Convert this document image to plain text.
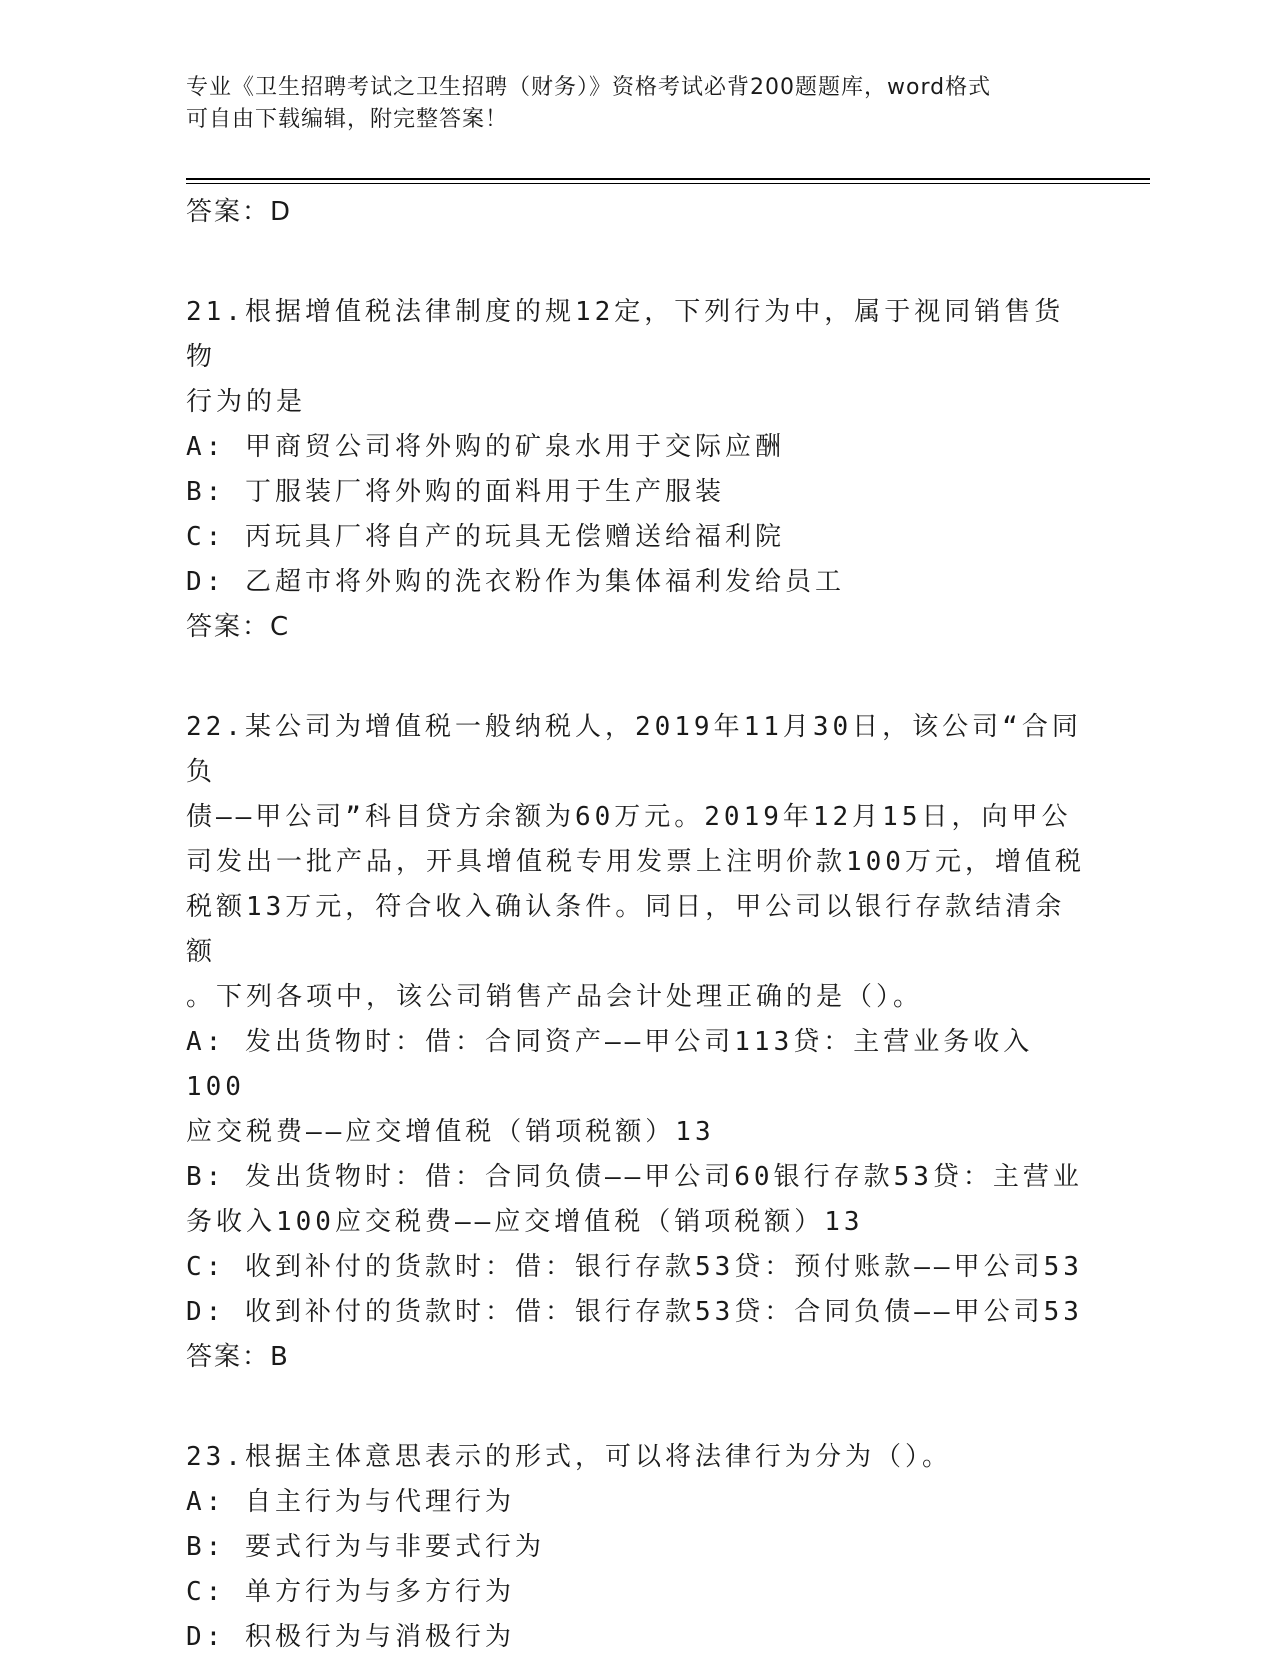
专业《卫生招聘考试之卫生招聘（财务）》资格考试必背200题题库，word格式
可自由下载编辑，附完整答案！
答案：D
21.根据增值税法律制度的规12定，下列行为中，属于视同销售货物
行为的是
A: 甲商贸公司将外购的矿泉水用于交际应酬
B: 丁服装厂将外购的面料用于生产服装
C: 丙玩具厂将自产的玩具无偿赠送给福利院
D: 乙超市将外购的洗衣粉作为集体福利发给员工
答案：C
22.某公司为增值税一般纳税人，2019年11月30日，该公司“合同负
债——甲公司”科目贷方余额为60万元。2019年12月15日，向甲公
司发出一批产品，开具增值税专用发票上注明价款100万元，增值税
税额13万元，符合收入确认条件。同日，甲公司以银行存款结清余额
。下列各项中，该公司销售产品会计处理正确的是（）。
A: 发出货物时：借：合同资产——甲公司113贷：主营业务收入100
应交税费——应交增值税（销项税额）13
B: 发出货物时：借：合同负债——甲公司60银行存款53贷：主营业
务收入100应交税费——应交增值税（销项税额）13
C: 收到补付的货款时：借：银行存款53贷：预付账款——甲公司53
D: 收到补付的货款时：借：银行存款53贷：合同负债——甲公司53
答案：B
23.根据主体意思表示的形式，可以将法律行为分为（）。
A: 自主行为与代理行为
B: 要式行为与非要式行为
C: 单方行为与多方行为
D: 积极行为与消极行为
